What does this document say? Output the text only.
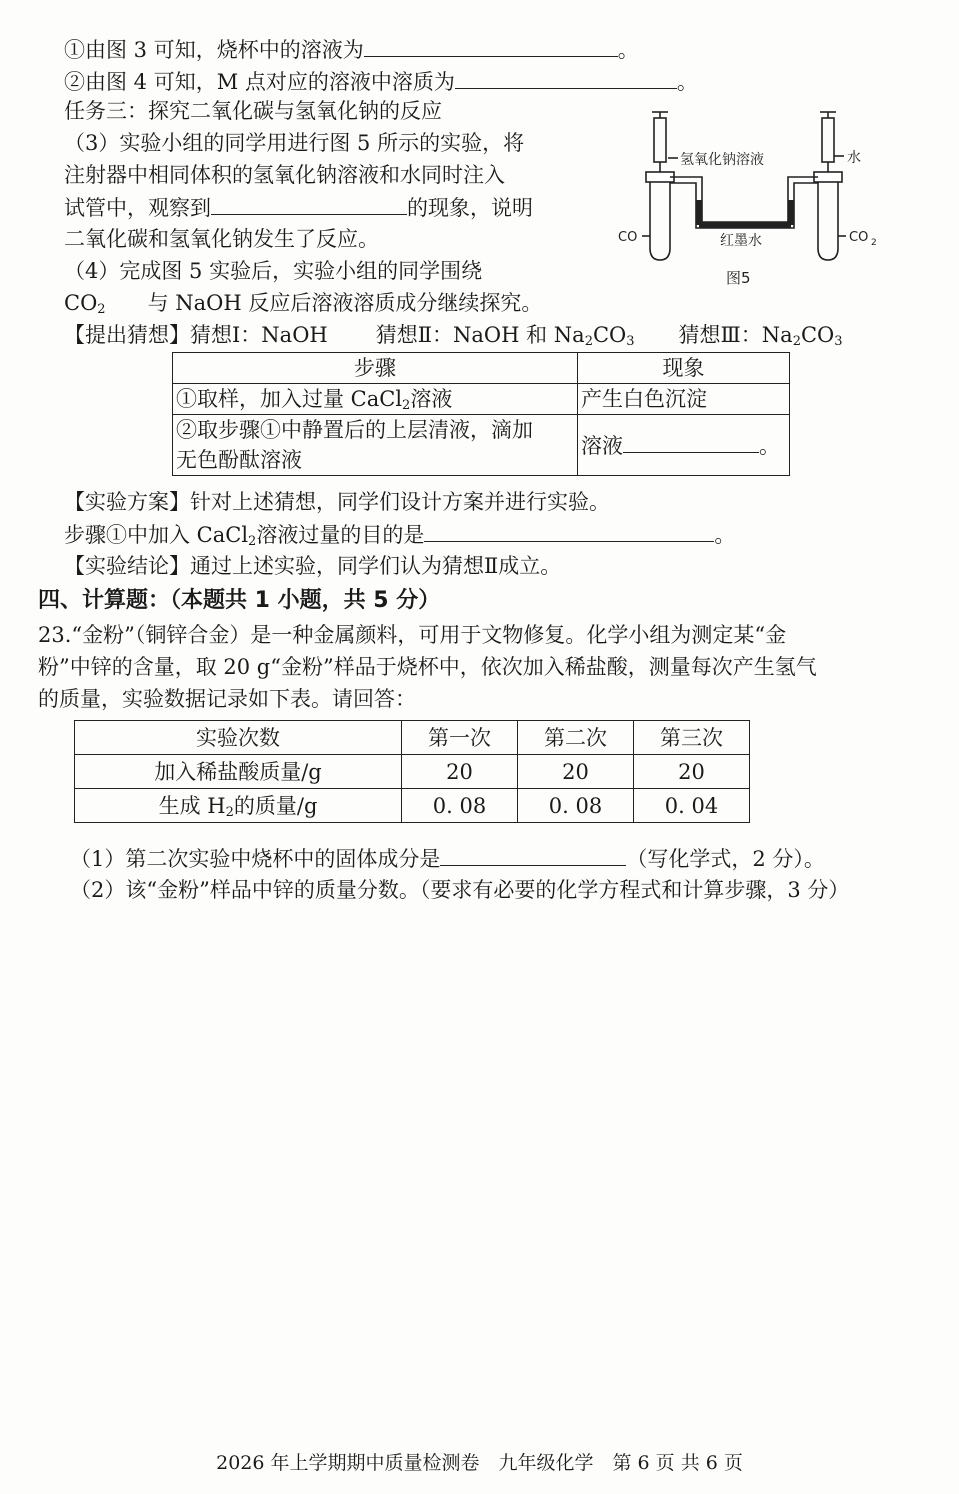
①由图 3 可知，烧杯中的溶液为	。
②由图 4 可知，M 点对应的溶液中溶质为	。
任务三：探究二氧化碳与氢氧化钠的反应
（3）实验小组的同学用进行图 5 所示的实验，将
注射器中相同体积的氢氧化钠溶液和水同时注入
试管中，观察到	的现象，说明
二氧化碳和氢氧化钠发生了反应。
（4）完成图 5 实验后，实验小组的同学围绕
$CO_2$ 与 NaOH 反应后溶液溶质成分继续探究。
氢氧化钠溶液	水
红墨水
CO	CO 2
图5
【提出猜想】猜想Ⅰ：NaOH 猜想Ⅱ：NaOH 和 $Na_2CO_3$ 猜想Ⅲ：$Na_2CO_3$
步骤	现象
①取样，加入过量 CaCl$_2$溶液	产生白色沉淀
②取步骤①中静置后的上层清液，滴加
无色酚酞溶液	溶液 。
【实验方案】针对上述猜想，同学们设计方案并进行实验。
步骤①中加入 CaCl$_2$溶液过量的目的是	。
【实验结论】通过上述实验，同学们认为猜想Ⅱ成立。
四、计算题：（本题共 1 小题，共 5 分）
23.“金粉”（铜锌合金）是一种金属颜料，可用于文物修复。化学小组为测定某“金
粉”中锌的含量，取 20 g“金粉”样品于烧杯中，依次加入稀盐酸，测量每次产生氢气
的质量，实验数据记录如下表。请回答：
实验次数	第一次	第二次	第三次
加入稀盐酸质量/g	20	20	20
生成 $H_2$的质量/g	0. 08	0. 08	0. 04
（1）第二次实验中烧杯中的固体成分是	（写化学式，2 分）。
（2）该“金粉”样品中锌的质量分数。（要求有必要的化学方程式和计算步骤，3 分）
2026 年上学期期中质量检测卷　九年级化学　第 6 页 共 6 页
